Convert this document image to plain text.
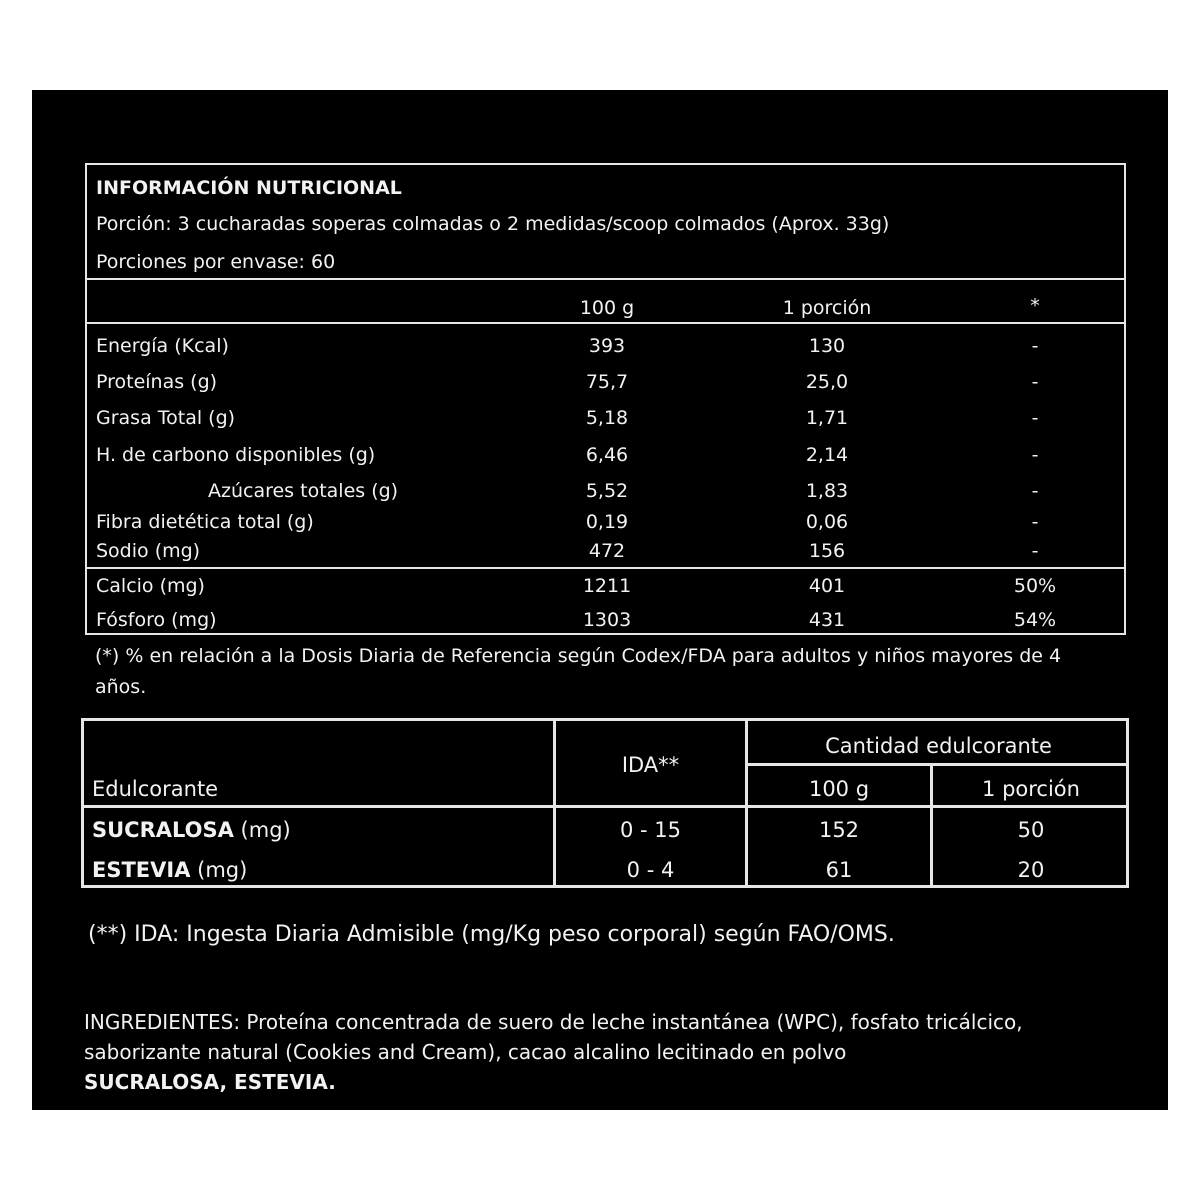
INFORMACIÓN NUTRICIONAL
Porción: 3 cucharadas soperas colmadas o 2 medidas/scoop colmados (Aprox. 33g)
Porciones por envase: 60
100 g	1 porción	*
Energía (Kcal)	393	130	-
Proteínas (g)	75,7	25,0	-
Grasa Total (g)	5,18	1,71	-
H. de carbono disponibles (g)	6,46	2,14	-
Azúcares totales (g)	5,52	1,83	-
Fibra dietética total (g)	0,19	0,06	-
Sodio (mg)	472	156	-
Calcio (mg)	1211	401	50%
Fósforo (mg)	1303	431	54%
(*) % en relación a la Dosis Diaria de Referencia según Codex/FDA para adultos y niños mayores de 4 años.
Edulcorante
IDA**
Cantidad edulcorante
100 g	1 porción
SUCRALOSA (mg)	0 - 15	152	50
ESTEVIA (mg)	0 - 4	61	20
(**) IDA: Ingesta Diaria Admisible (mg/Kg peso corporal) según FAO/OMS.
INGREDIENTES: Proteína concentrada de suero de leche instantánea (WPC), fosfato tricálcico, saborizante natural (Cookies and Cream), cacao alcalino lecitinado en polvo
SUCRALOSA, ESTEVIA.
